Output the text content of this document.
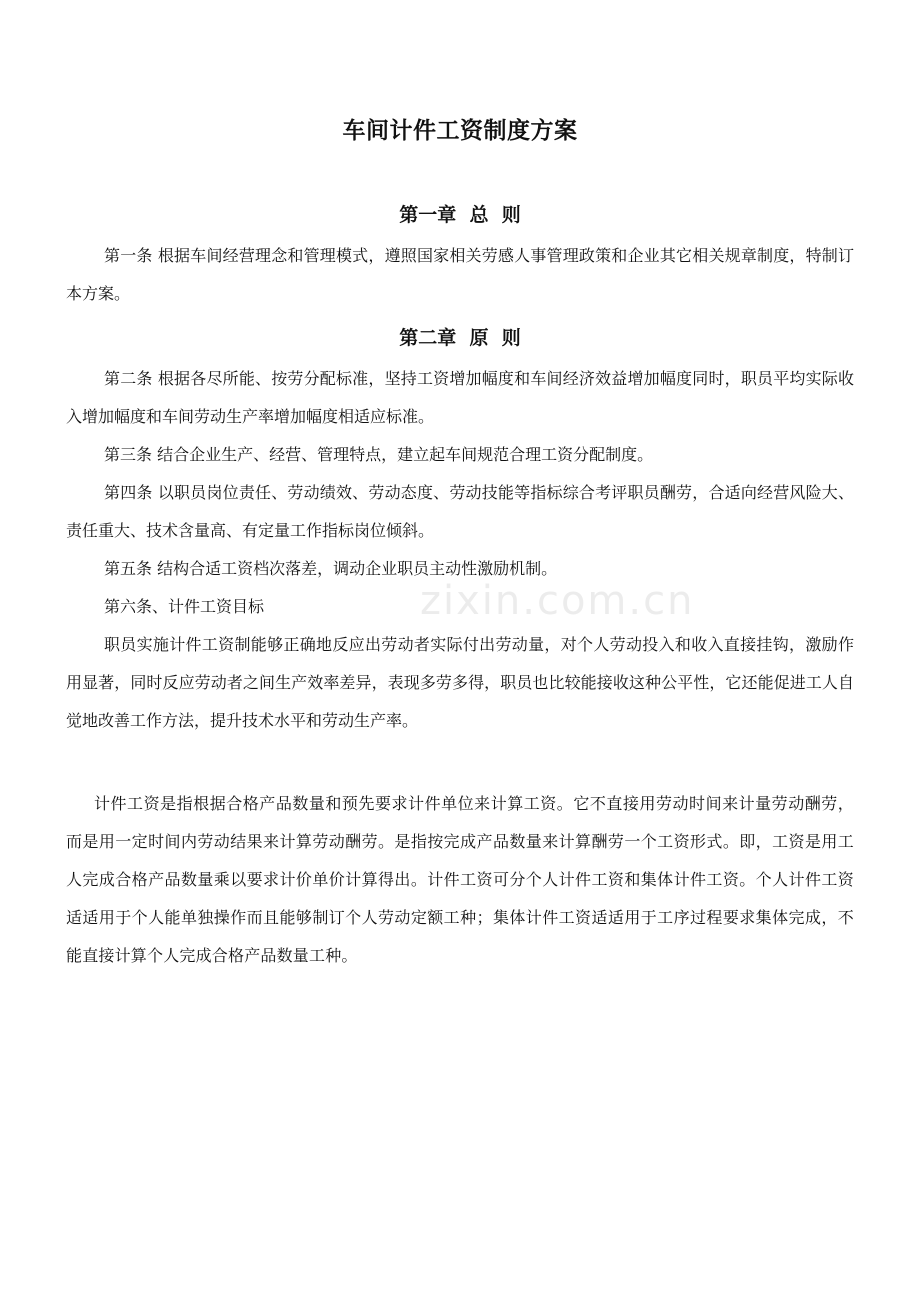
车间计件工资制度方案
第一章  总  则

第一条 根据车间经营理念和管理模式，遵照国家相关劳感人事管理政策和企业其它相关规章制度，特制订本方案。

第二章  原  则

第二条 根据各尽所能、按劳分配标准，坚持工资增加幅度和车间经济效益增加幅度同时，职员平均实际收入增加幅度和车间劳动生产率增加幅度相适应标准。

第三条 结合企业生产、经营、管理特点，建立起车间规范合理工资分配制度。

第四条 以职员岗位责任、劳动绩效、劳动态度、劳动技能等指标综合考评职员酬劳，合适向经营风险大、责任重大、技术含量高、有定量工作指标岗位倾斜。

第五条 结构合适工资档次落差，调动企业职员主动性激励机制。

第六条、计件工资目标

职员实施计件工资制能够正确地反应出劳动者实际付出劳动量，对个人劳动投入和收入直接挂钩，激励作用显著，同时反应劳动者之间生产效率差异，表现多劳多得，职员也比较能接收这种公平性，它还能促进工人自觉地改善工作方法，提升技术水平和劳动生产率。

计件工资是指根据合格产品数量和预先要求计件单位来计算工资。它不直接用劳动时间来计量劳动酬劳，而是用一定时间内劳动结果来计算劳动酬劳。是指按完成产品数量来计算酬劳一个工资形式。即，工资是用工人完成合格产品数量乘以要求计价单价计算得出。计件工资可分个人计件工资和集体计件工资。个人计件工资适适用于个人能单独操作而且能够制订个人劳动定额工种；集体计件工资适适用于工序过程要求集体完成，不能直接计算个人完成合格产品数量工种。

zixin.com.cn
